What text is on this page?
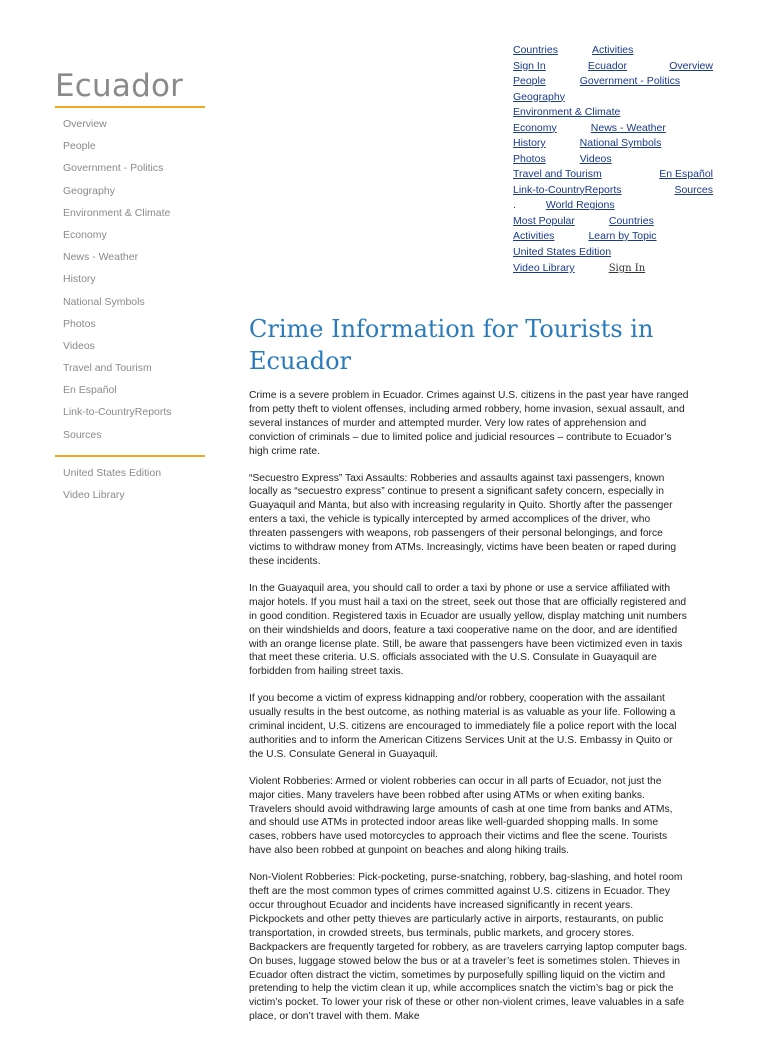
Ecuador
Overview
People
Government - Politics
Geography
Environment & Climate
Economy
News - Weather
History
National Symbols
Photos
Videos
Travel and Tourism
En Español
Link-to-CountryReports
Sources
United States Edition
Video Library
Countries	Activities
Sign In	Ecuador	Overview
People	Government - Politics
Geography
Environment & Climate
Economy	News - Weather
History	National Symbols
Photos	Videos
Travel and Tourism	En Español
Link-to-CountryReports	Sources
.	World Regions
Most Popular	Countries
Activities	Learn by Topic
United States Edition
Video Library	Sign In
Crime Information for Tourists in Ecuador

Crime is a severe problem in Ecuador. Crimes against U.S. citizens in the past year have ranged from petty theft to violent offenses, including armed robbery, home invasion, sexual assault, and several instances of murder and attempted murder. Very low rates of apprehension and conviction of criminals – due to limited police and judicial resources – contribute to Ecuador’s high crime rate.

“Secuestro Express” Taxi Assaults: Robberies and assaults against taxi passengers, known locally as “secuestro express” continue to present a significant safety concern, especially in Guayaquil and Manta, but also with increasing regularity in Quito. Shortly after the passenger enters a taxi, the vehicle is typically intercepted by armed accomplices of the driver, who threaten passengers with weapons, rob passengers of their personal belongings, and force victims to withdraw money from ATMs. Increasingly, victims have been beaten or raped during these incidents.

In the Guayaquil area, you should call to order a taxi by phone or use a service affiliated with major hotels. If you must hail a taxi on the street, seek out those that are officially registered and in good condition. Registered taxis in Ecuador are usually yellow, display matching unit numbers on their windshields and doors, feature a taxi cooperative name on the door, and are identified with an orange license plate. Still, be aware that passengers have been victimized even in taxis that meet these criteria. U.S. officials associated with the U.S. Consulate in Guayaquil are forbidden from hailing street taxis.

If you become a victim of express kidnapping and/or robbery, cooperation with the assailant usually results in the best outcome, as nothing material is as valuable as your life. Following a criminal incident, U.S. citizens are encouraged to immediately file a police report with the local authorities and to inform the American Citizens Services Unit at the U.S. Embassy in Quito or the U.S. Consulate General in Guayaquil.

Violent Robberies: Armed or violent robberies can occur in all parts of Ecuador, not just the major cities. Many travelers have been robbed after using ATMs or when exiting banks. Travelers should avoid withdrawing large amounts of cash at one time from banks and ATMs, and should use ATMs in protected indoor areas like well-guarded shopping malls. In some cases, robbers have used motorcycles to approach their victims and flee the scene. Tourists have also been robbed at gunpoint on beaches and along hiking trails.

Non-Violent Robberies: Pick-pocketing, purse-snatching, robbery, bag-slashing, and hotel room theft are the most common types of crimes committed against U.S. citizens in Ecuador. They occur throughout Ecuador and incidents have increased significantly in recent years. Pickpockets and other petty thieves are particularly active in airports, restaurants, on public transportation, in crowded streets, bus terminals, public markets, and grocery stores. Backpackers are frequently targeted for robbery, as are travelers carrying laptop computer bags. On buses, luggage stowed below the bus or at a traveler’s feet is sometimes stolen. Thieves in Ecuador often distract the victim, sometimes by purposefully spilling liquid on the victim and pretending to help the victim clean it up, while accomplices snatch the victim’s bag or pick the victim’s pocket. To lower your risk of these or other non-violent crimes, leave valuables in a safe place, or don’t travel with them. Make
